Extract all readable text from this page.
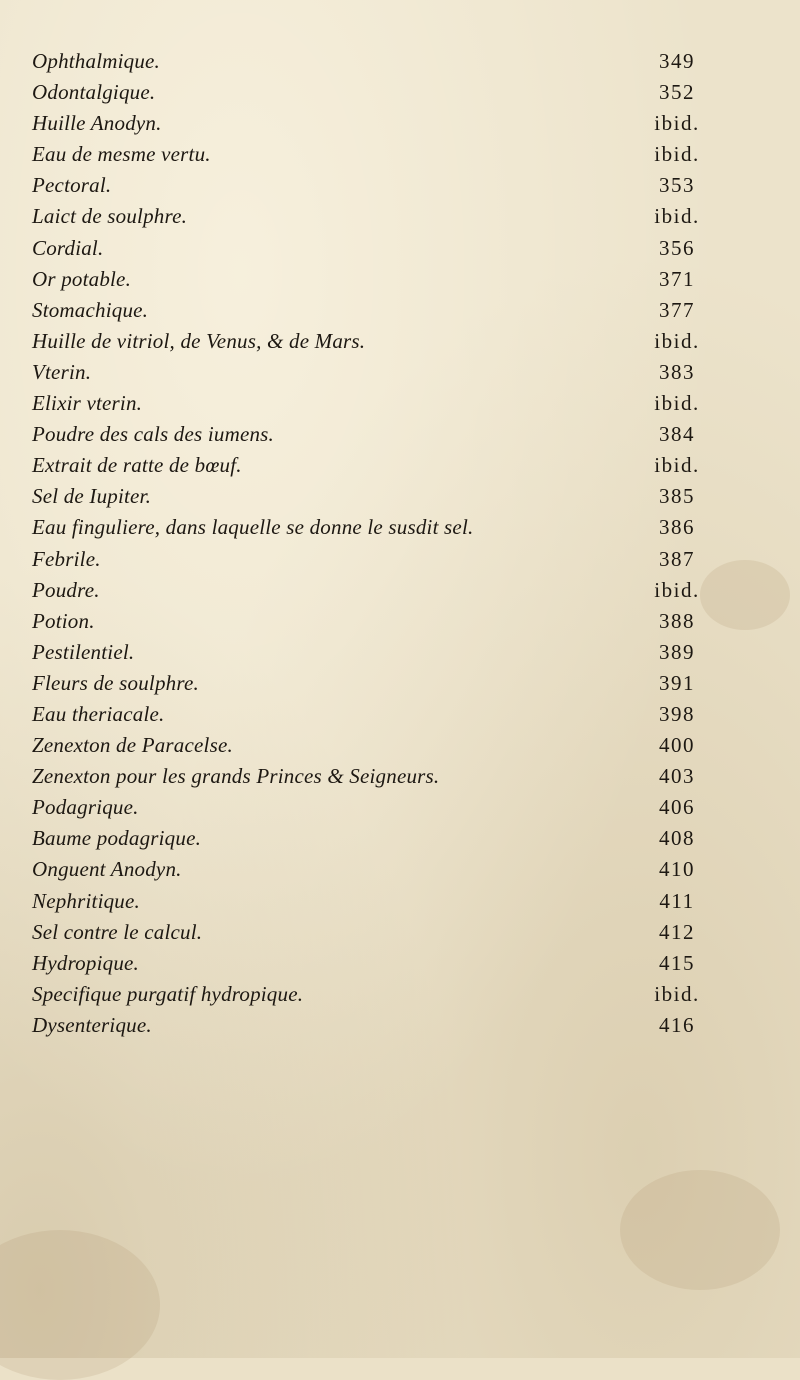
Ophthalmique.	349
Odontalgique.	352
Huille Anodyn.	ibid.
Eau de mesme vertu.	ibid.
Pectoral.	353
Laict de soulphre.	ibid.
Cordial.	356
Or potable.	371
Stomachique.	377
Huille de vitriol, de Venus, & de Mars.	ibid.
Vterin.	383
Elixir vterin.	ibid.
Poudre des cals des iumens.	384
Extrait de ratte de bœuf.	ibid.
Sel de Iupiter.	385
Eau finguliere, dans laquelle se donne le susdit sel.	386
Febrile.	387
Poudre.	ibid.
Potion.	388
Pestilentiel.	389
Fleurs de soulphre.	391
Eau theriacale.	398
Zenexton de Paracelse.	400
Zenexton pour les grands Princes & Seigneurs.	403
Podagrique.	406
Baume podagrique.	408
Onguent Anodyn.	410
Nephritique.	411
Sel contre le calcul.	412
Hydropique.	415
Specifique purgatif hydropique.	ibid.
Dysenterique.	416
